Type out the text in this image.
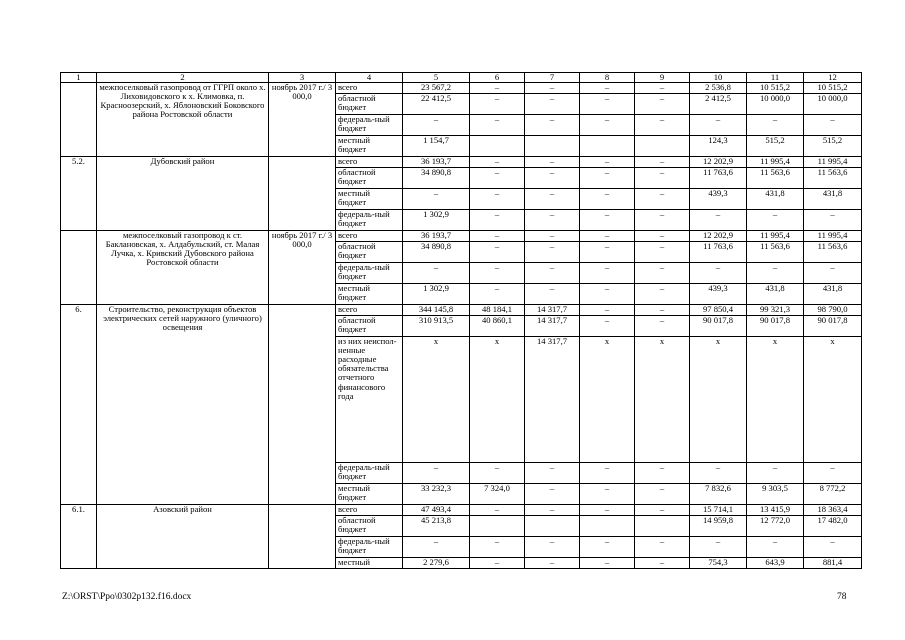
1	2	3	4	5	6	7	8	9	10	11	12
	межпоселковый газопровод от ГГРП около х. Лиховидовского к х. Климовка, п. Красноозерский, х. Яблоновский Боковского района Ростовской области	ноябрь 2017 г./ 3 000,0	всего	23 567,2	–	–	–	–	2 536,8	10 515,2	10 515,2
			областной бюджет	22 412,5	–	–	–	–	2 412,5	10 000,0	10 000,0
			федераль-ный бюджет	–	–	–	–	–	–	–	–
			местный бюджет	1 154,7					124,3	515,2	515,2
5.2.	Дубовский район		всего	36 193,7	–	–	–	–	12 202,9	11 995,4	11 995,4
			областной бюджет	34 890,8	–	–	–	–	11 763,6	11 563,6	11 563,6
			местный бюджет	–	–	–	–	–	439,3	431,8	431,8
			федераль-ный бюджет	1 302,9	–	–	–	–	–	–	–
	межпоселковый газопровод к ст. Баклановская, х. Алдабульский, ст. Малая Лучка, х. Кривский Дубовского района Ростовской области	ноябрь 2017 г./ 3 000,0	всего	36 193,7	–	–	–	–	12 202,9	11 995,4	11 995,4
			областной бюджет	34 890,8	–	–	–	–	11 763,6	11 563,6	11 563,6
			федераль-ный бюджет	–	–	–	–	–	–	–	–
			местный бюджет	1 302,9	–	–	–	–	439,3	431,8	431,8
6.	Строительство, реконструкция объектов электрических сетей наружного (уличного) освещения		всего	344 145,8	48 184,1	14 317,7	–	–	97 850,4	99 321,3	98 790,0
			областной бюджет	310 913,5	40 860,1	14 317,7	–	–	90 017,8	90 017,8	90 017,8
			из них неиспол-ненные расходные обязательства отчетного финансового года	x	x	14 317,7	x	x	x	x	x
			федераль-ный бюджет	–	–	–	–	–	–	–	–
			местный бюджет	33 232,3	7 324,0	–	–	–	7 832,6	9 303,5	8 772,2
6.1.	Азовский район		всего	47 493,4	–	–	–	–	15 714,1	13 415,9	18 363,4
			областной бюджет	45 213,8					14 959,8	12 772,0	17 482,0
			федераль-ный бюджет	–	–	–	–	–	–	–	–
			местный	2 279,6	–	–	–	–	754,3	643,9	881,4
Z:\ORST\Ppo\0302p132.f16.docx	78
